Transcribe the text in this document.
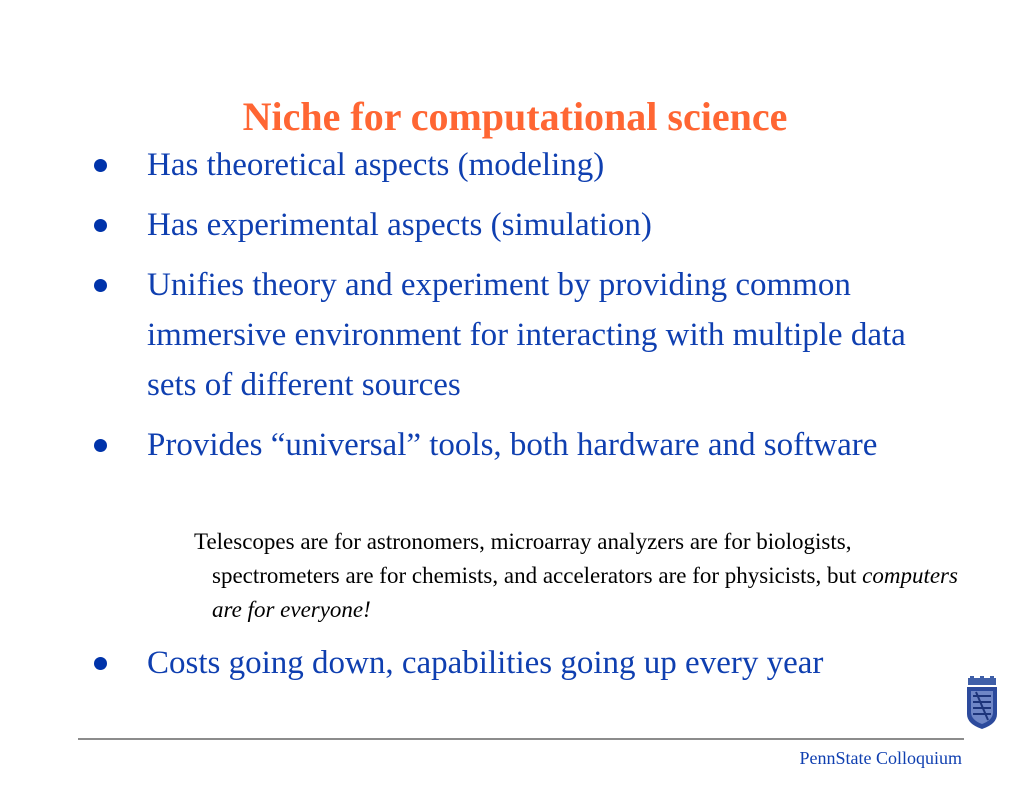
Niche for computational science
Has theoretical aspects (modeling)
Has experimental aspects (simulation)
Unifies theory and experiment by providing common immersive environment for interacting with multiple data sets of different sources
Provides “universal” tools, both hardware and software
Costs going down, capabilities going up every year
Telescopes are for astronomers, microarray analyzers are for biologists, spectrometers are for chemists, and accelerators are for physicists, but computers are for everyone!
PennState Colloquium
